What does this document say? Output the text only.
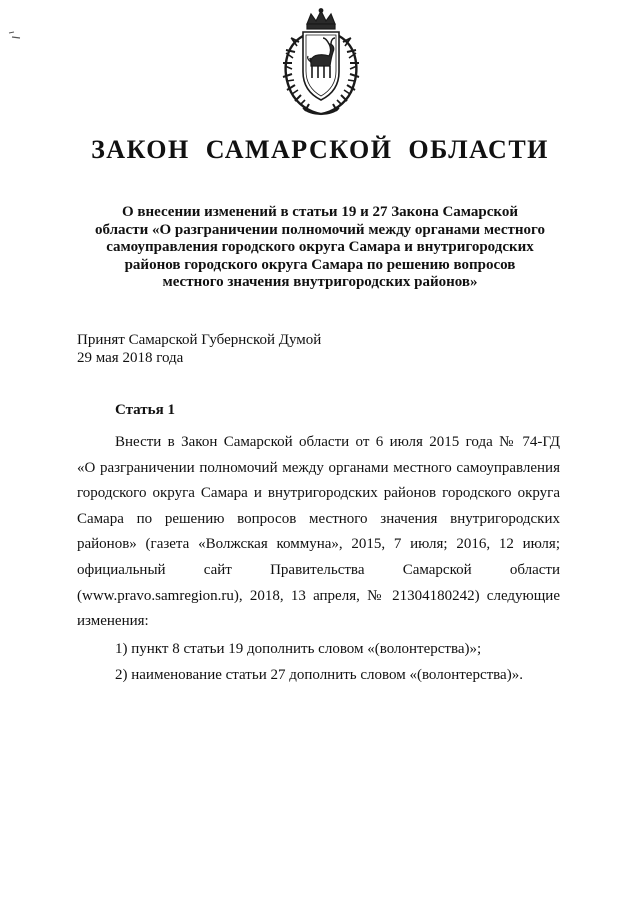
ЗАКОН САМАРСКОЙ ОБЛАСТИ
О внесении изменений в статьи 19 и 27 Закона Самарской
области «О разграничении полномочий между органами местного
самоуправления городского округа Самара и внутригородских
районов городского округа Самара по решению вопросов
местного значения внутригородских районов»
Принят Самарской Губернской Думой
29 мая 2018 года
Статья 1
Внести в Закон Самарской области от 6 июля 2015 года № 74-ГД
«О разграничении полномочий между органами местного самоуправления
городского округа Самара и внутригородских районов городского округа
Самара по решению вопросов местного значения внутригородских
районов» (газета «Волжская коммуна», 2015, 7 июля; 2016, 12 июля;
официальный сайт Правительства Самарской области
(www.pravo.samregion.ru), 2018, 13 апреля, № 21304180242) следующие
изменения:
1) пункт 8 статьи 19 дополнить словом «(волонтерства)»;
2) наименование статьи 27 дополнить словом «(волонтерства)».
